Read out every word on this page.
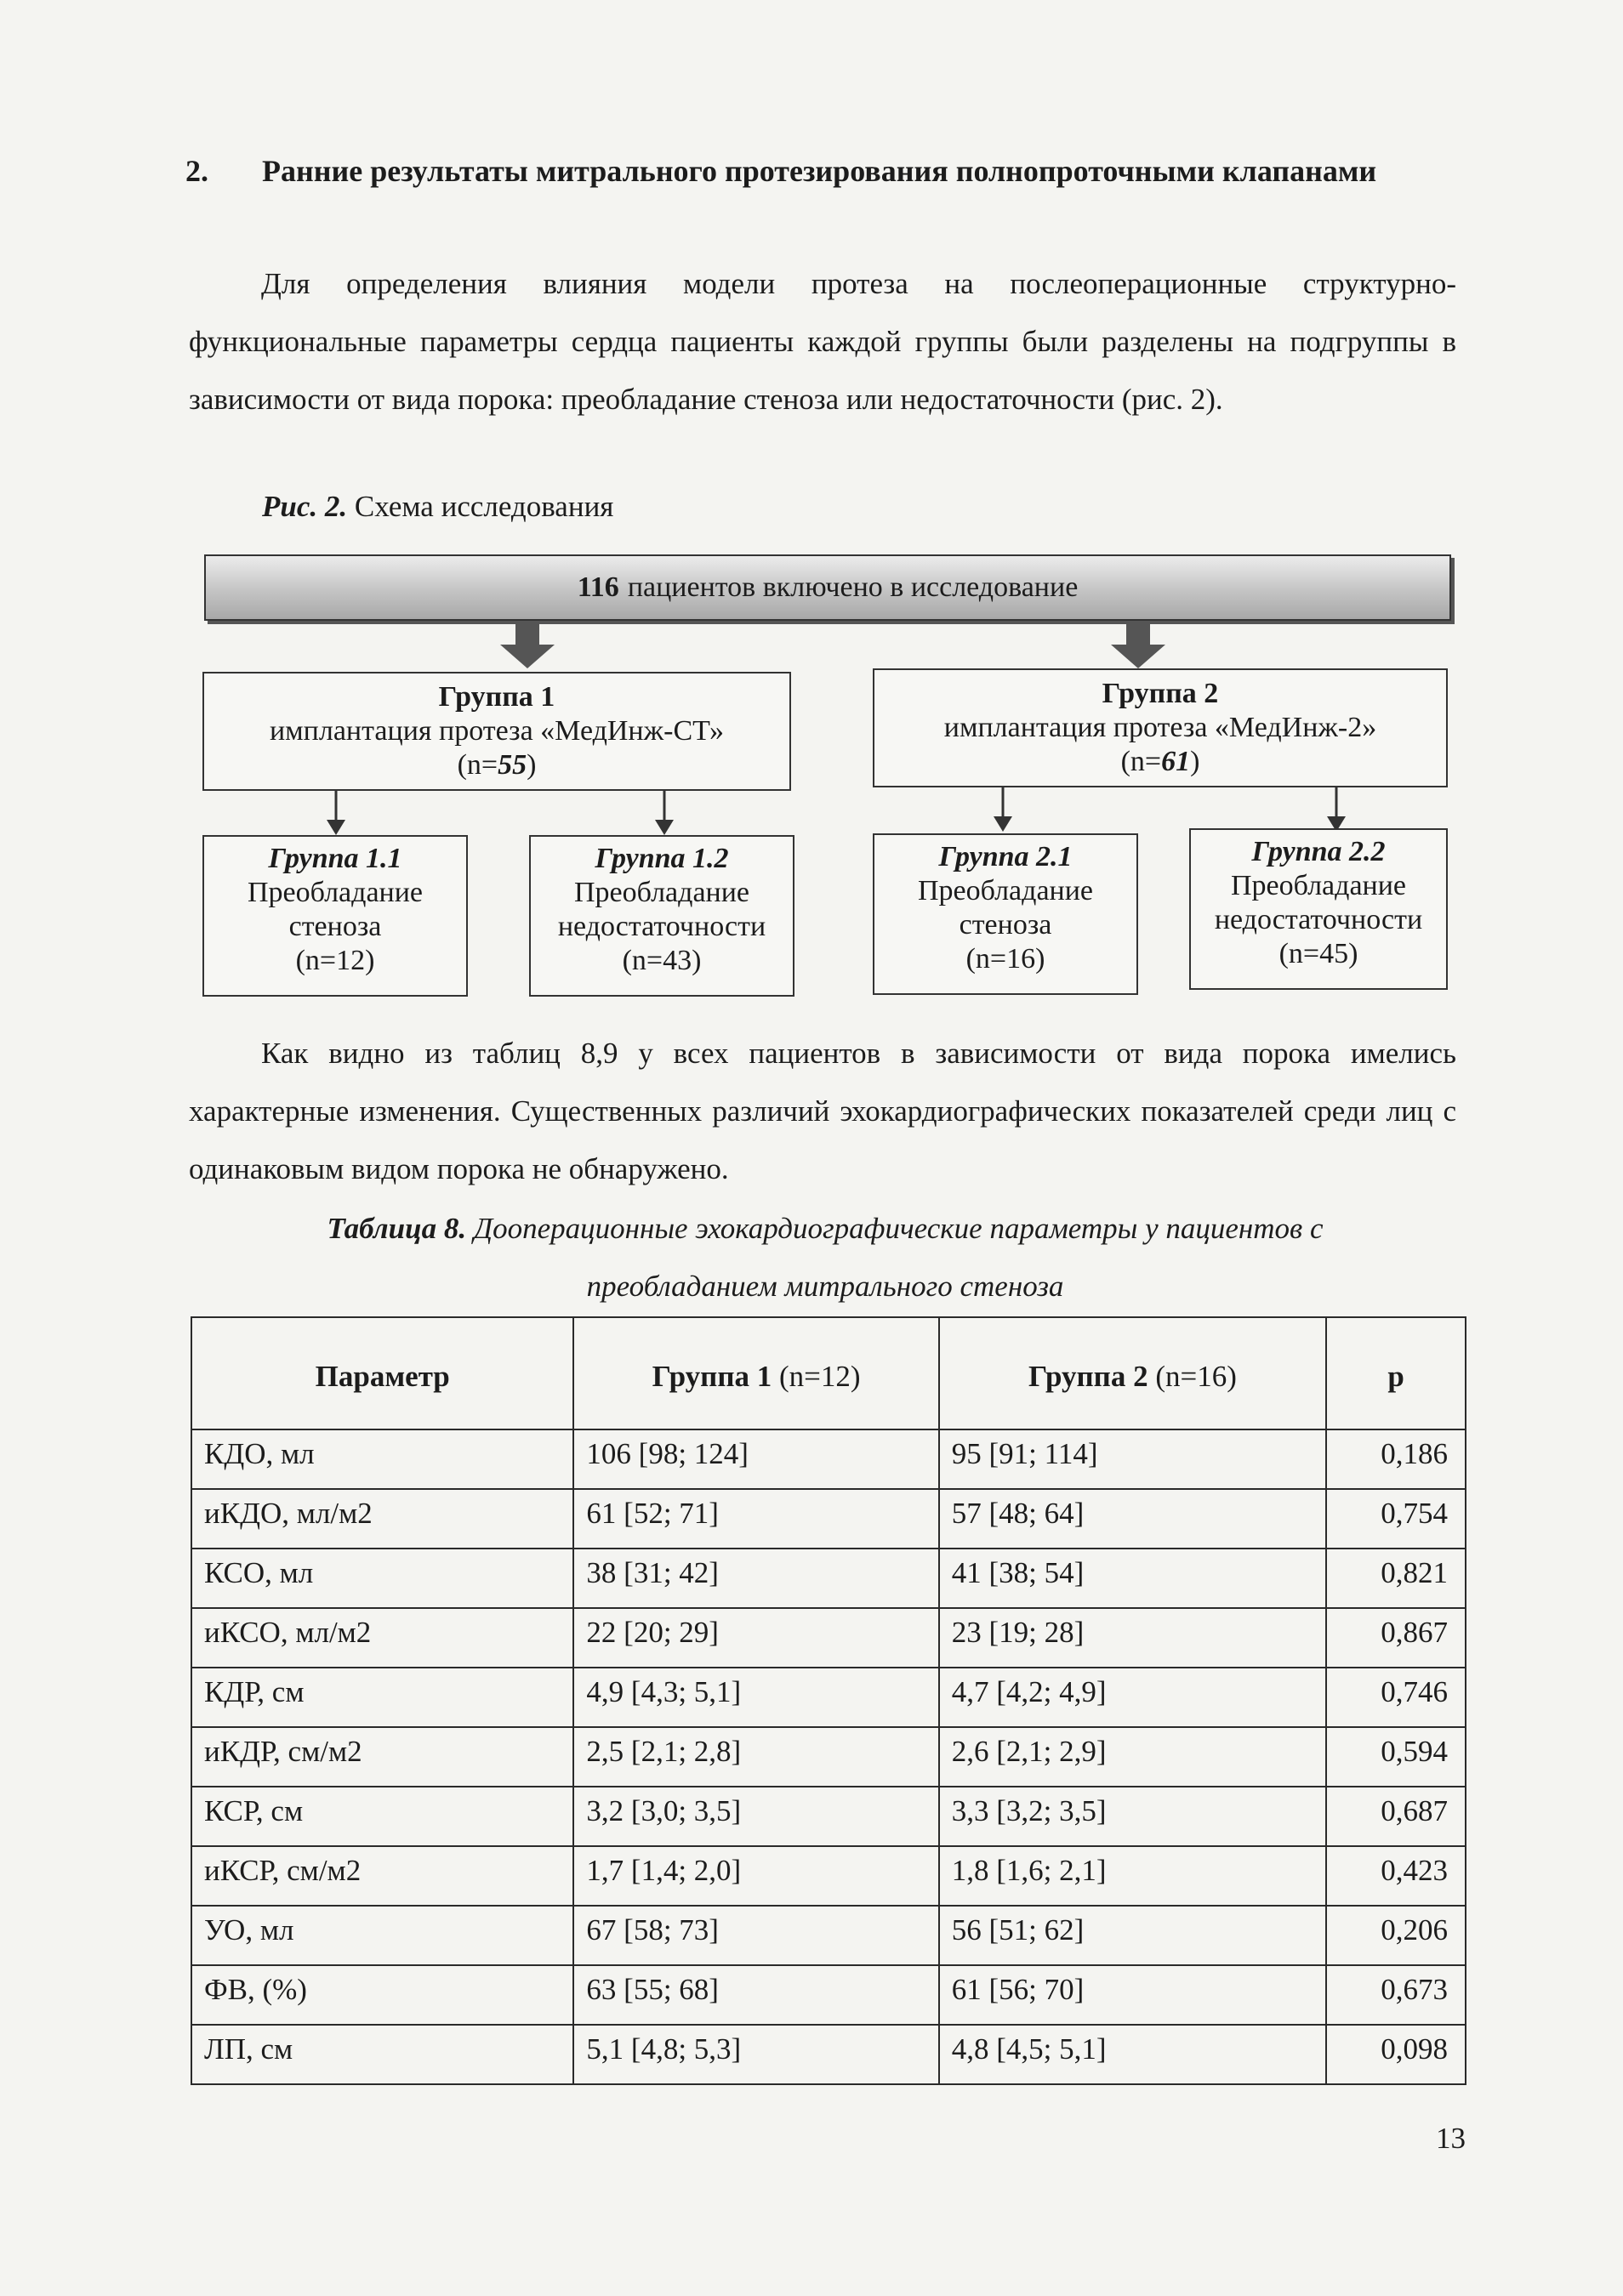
2. Ранние результаты митрального протезирования полнопроточными клапанами
Для определения влияния модели протеза на послеоперационные структурно-функциональные параметры сердца пациенты каждой группы были разделены на подгруппы в зависимости от вида порока: преобладание стеноза или недостаточности (рис. 2).
Рис. 2. Схема исследования
116 пациентов включено в исследование
Группа 1
имплантация протеза «МедИнж-СТ»
(n=55)
Группа 2
имплантация протеза «МедИнж-2»
(n=61)
Группа 1.1
Преобладание
стеноза
(n=12)
Группа 1.2
Преобладание
недостаточности
(n=43)
Группа 2.1
Преобладание
стеноза
(n=16)
Группа 2.2
Преобладание
недостаточности
(n=45)
Как видно из таблиц 8,9 у всех пациентов в зависимости от вида порока имелись характерные изменения. Существенных различий эхокардиографических показателей среди лиц с одинаковым видом порока не обнаружено.
Таблица 8. Дооперационные эхокардиографические параметры у пациентов с
преобладанием митрального стеноза
Параметр	Группа 1 (n=12)	Группа 2 (n=16)	p
КДО, мл	106 [98; 124]	95 [91; 114]	0,186
иКДО, мл/м2	61 [52; 71]	57 [48; 64]	0,754
КСО, мл	38 [31; 42]	41 [38; 54]	0,821
иКСО, мл/м2	22 [20; 29]	23 [19; 28]	0,867
КДР, см	4,9 [4,3; 5,1]	4,7 [4,2; 4,9]	0,746
иКДР, см/м2	2,5 [2,1; 2,8]	2,6 [2,1; 2,9]	0,594
КСР, см	3,2 [3,0; 3,5]	3,3 [3,2; 3,5]	0,687
иКСР, см/м2	1,7 [1,4; 2,0]	1,8 [1,6; 2,1]	0,423
УО, мл	67 [58; 73]	56 [51; 62]	0,206
ФВ, (%)	63 [55; 68]	61 [56; 70]	0,673
ЛП, см	5,1 [4,8; 5,3]	4,8 [4,5; 5,1]	0,098
13
